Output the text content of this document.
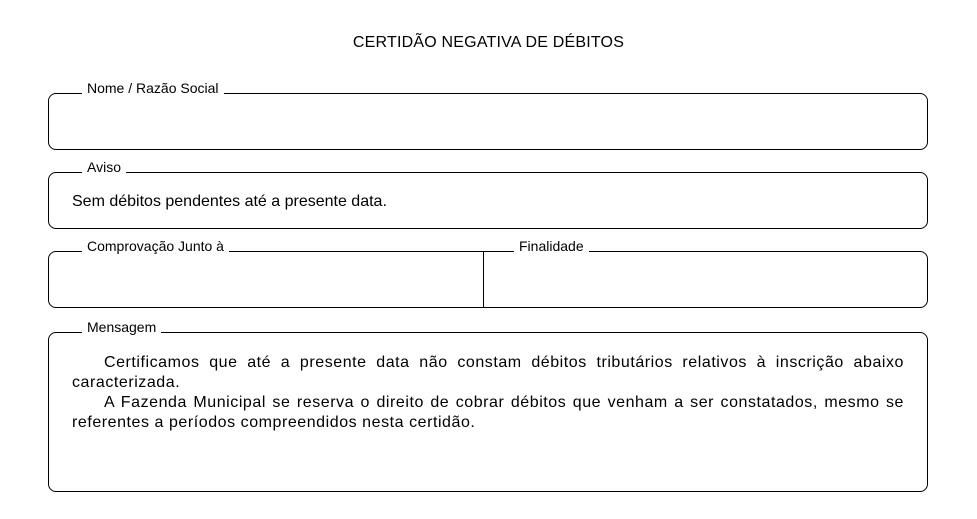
CERTIDÃO NEGATIVA DE DÉBITOS
Nome / Razão Social
Aviso
Sem débitos pendentes até a presente data.
Comprovação Junto à	Finalidade
Mensagem

Certificamos que até a presente data não constam débitos tributários relativos à inscrição abaixo caracterizada.

A Fazenda Municipal se reserva o direito de cobrar débitos que venham a ser constatados, mesmo se referentes a períodos compreendidos nesta certidão.
